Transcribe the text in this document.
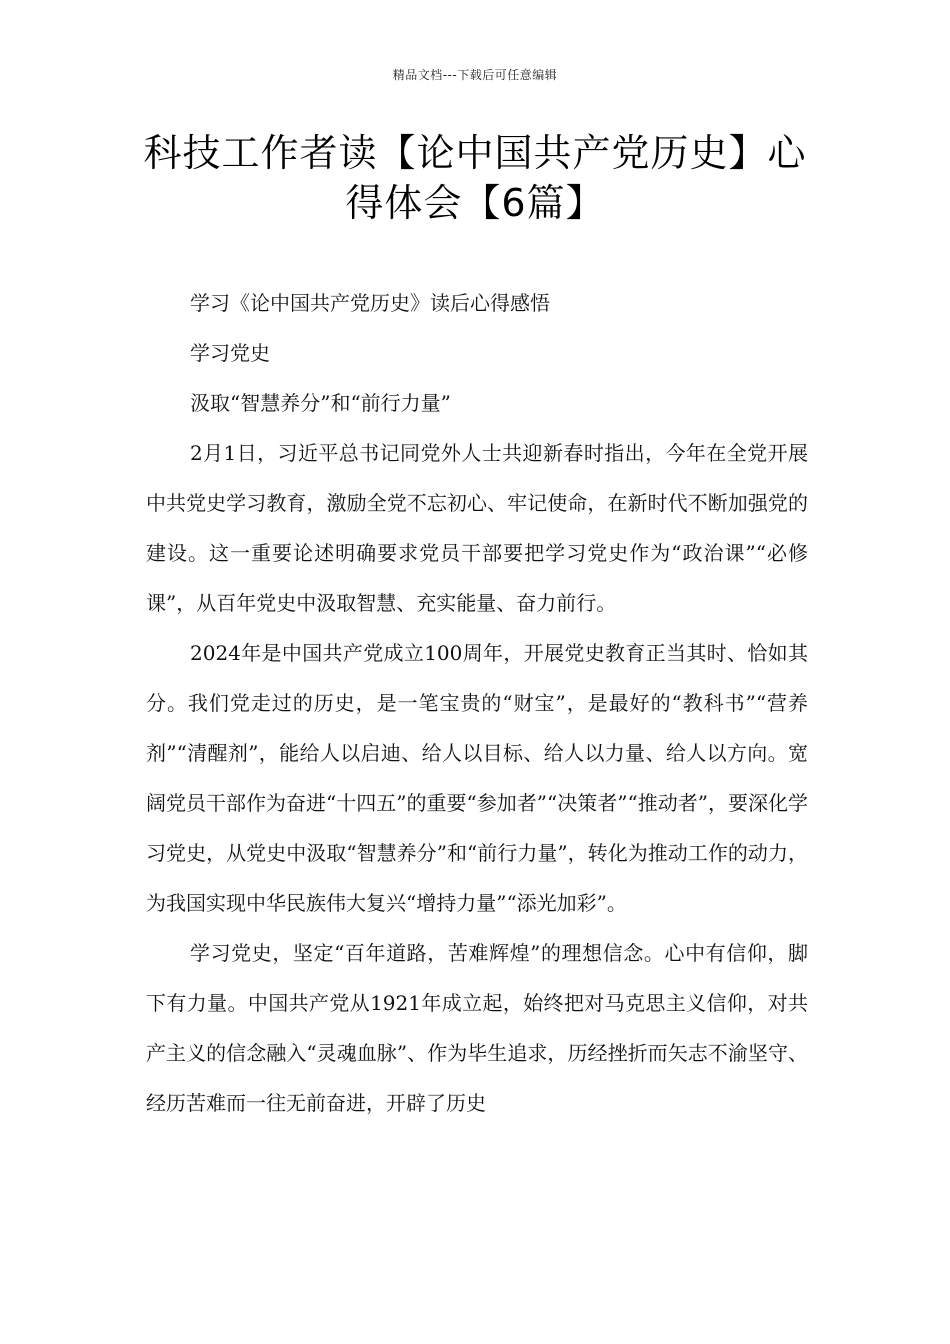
精品文档---下载后可任意编辑
科技工作者读【论中国共产党历史】心
得体会【6篇】

学习《论中国共产党历史》读后心得感悟

学习党史

汲取“智慧养分”和“前行力量”

2月1日，习近平总书记同党外人士共迎新春时指出，今年在全党开展中共党史学习教育，激励全党不忘初心、牢记使命，在新时代不断加强党的建设。这一重要论述明确要求党员干部要把学习党史作为“政治课”“必修课”，从百年党史中汲取智慧、充实能量、奋力前行。

2024年是中国共产党成立100周年，开展党史教育正当其时、恰如其分。我们党走过的历史，是一笔宝贵的“财宝”，是最好的“教科书”“营养剂”“清醒剂”，能给人以启迪、给人以目标、给人以力量、给人以方向。宽阔党员干部作为奋进“十四五”的重要“参加者”“决策者”“推动者”，要深化学习党史，从党史中汲取“智慧养分”和“前行力量”，转化为推动工作的动力，为我国实现中华民族伟大复兴“增持力量”“添光加彩”。

学习党史，坚定“百年道路，苦难辉煌”的理想信念。心中有信仰，脚下有力量。中国共产党从1921年成立起，始终把对马克思主义信仰，对共产主义的信念融入“灵魂血脉”、作为毕生追求，历经挫折而矢志不渝坚守、经历苦难而一往无前奋进，开辟了历史
